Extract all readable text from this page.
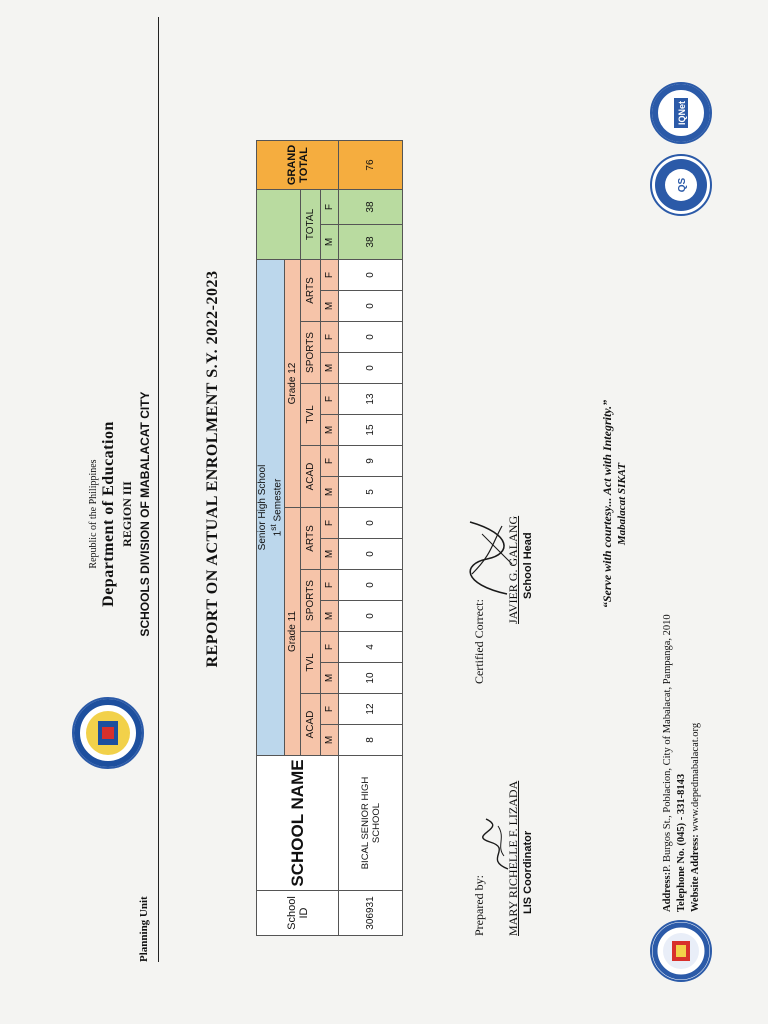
Planning Unit
Republic of the Philippines Department of Education REGION III SCHOOLS DIVISION OF MABALACAT CITY	REPORT ON ACTUAL ENROLMENT S.Y. 2022-2023
School ID	SCHOOL NAME	Senior High School 1st Semester																		GRAND TOTAL
		Grade 11								Grade 12										
		ACAD		TVL		SPORTS		ARTS		ACAD		TVL		SPORTS		ARTS		TOTAL		
		M	F	M	F	M	F	M	F	M	F	M	F	M	F	M	F	M	F	
306931	BICAL SENIOR HIGH SCHOOL	8	12	10	4	0	0	0	0	5	9	15	13	0	0	0	0	38	38	76
Prepared by: MARY RICHELLE F. LIZADA LIS Coordinator
Certified Correct:
JAVIER G. GALANG School Head	“Serve with courtesy... Act with Integrity.” Mabalacat SIKAT
Address:P. Burgos St., Poblacion, City of Mabalacat, Pampanga, 2010
Telephone No. (045) - 331-8143
Website Address: www.depedmabalacat.org
QS
IQNet
